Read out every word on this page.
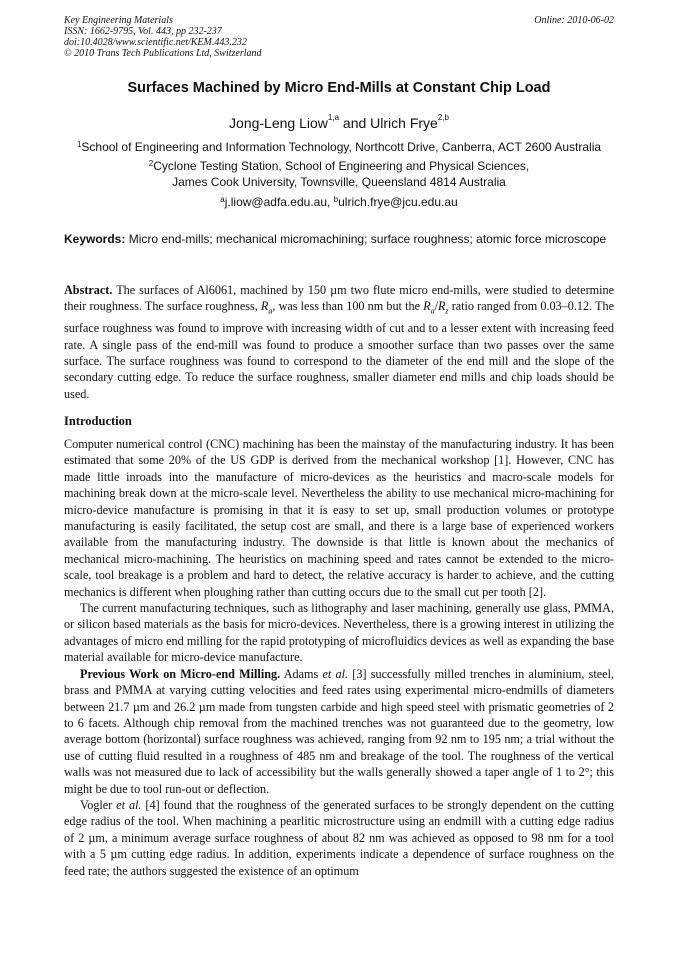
Key Engineering Materials
ISSN: 1662-9795, Vol. 443, pp 232-237
doi:10.4028/www.scientific.net/KEM.443.232
© 2010 Trans Tech Publications Ltd, Switzerland
Online: 2010-06-02
Surfaces Machined by Micro End-Mills at Constant Chip Load
Jong-Leng Liow$^{1,a}$ and Ulrich Frye$^{2,b}$
$^1$School of Engineering and Information Technology, Northcott Drive, Canberra, ACT 2600 Australia
$^2$Cyclone Testing Station, School of Engineering and Physical Sciences,
James Cook University, Townsville, Queensland 4814 Australia
$^a$j.liow@adfa.edu.au, $^b$ulrich.frye@jcu.edu.au
Keywords: Micro end-mills; mechanical micromachining; surface roughness; atomic force microscope
Abstract. The surfaces of Al6061, machined by 150 µm two flute micro end-mills, were studied to determine their roughness. The surface roughness, $R_a$, was less than 100 nm but the $R_a/R_z$ ratio ranged from 0.03–0.12. The surface roughness was found to improve with increasing width of cut and to a lesser extent with increasing feed rate. A single pass of the end-mill was found to produce a smoother surface than two passes over the same surface. The surface roughness was found to correspond to the diameter of the end mill and the slope of the secondary cutting edge. To reduce the surface roughness, smaller diameter end mills and chip loads should be used.
Introduction

Computer numerical control (CNC) machining has been the mainstay of the manufacturing industry. It has been estimated that some 20% of the US GDP is derived from the mechanical workshop [1]. However, CNC has made little inroads into the manufacture of micro-devices as the heuristics and macro-scale models for machining break down at the micro-scale level. Nevertheless the ability to use mechanical micro-machining for micro-device manufacture is promising in that it is easy to set up, small production volumes or prototype manufacturing is easily facilitated, the setup cost are small, and there is a large base of experienced workers available from the manufacturing industry. The downside is that little is known about the mechanics of mechanical micro-machining. The heuristics on machining speed and rates cannot be extended to the micro-scale, tool breakage is a problem and hard to detect, the relative accuracy is harder to achieve, and the cutting mechanics is different when ploughing rather than cutting occurs due to the small cut per tooth [2].

The current manufacturing techniques, such as lithography and laser machining, generally use glass, PMMA, or silicon based materials as the basis for micro-devices. Nevertheless, there is a growing interest in utilizing the advantages of micro end milling for the rapid prototyping of microfluidics devices as well as expanding the base material available for micro-device manufacture.

Previous Work on Micro-end Milling. Adams et al. [3] successfully milled trenches in aluminium, steel, brass and PMMA at varying cutting velocities and feed rates using experimental micro-endmills of diameters between 21.7 µm and 26.2 µm made from tungsten carbide and high speed steel with prismatic geometries of 2 to 6 facets. Although chip removal from the machined trenches was not guaranteed due to the geometry, low average bottom (horizontal) surface roughness was achieved, ranging from 92 nm to 195 nm; a trial without the use of cutting fluid resulted in a roughness of 485 nm and breakage of the tool. The roughness of the vertical walls was not measured due to lack of accessibility but the walls generally showed a taper angle of 1 to 2°; this might be due to tool run-out or deflection.

Vogler et al. [4] found that the roughness of the generated surfaces to be strongly dependent on the cutting edge radius of the tool. When machining a pearlitic microstructure using an endmill with a cutting edge radius of 2 µm, a minimum average surface roughness of about 82 nm was achieved as opposed to 98 nm for a tool with a 5 µm cutting edge radius. In addition, experiments indicate a dependence of surface roughness on the feed rate; the authors suggested the existence of an optimum
